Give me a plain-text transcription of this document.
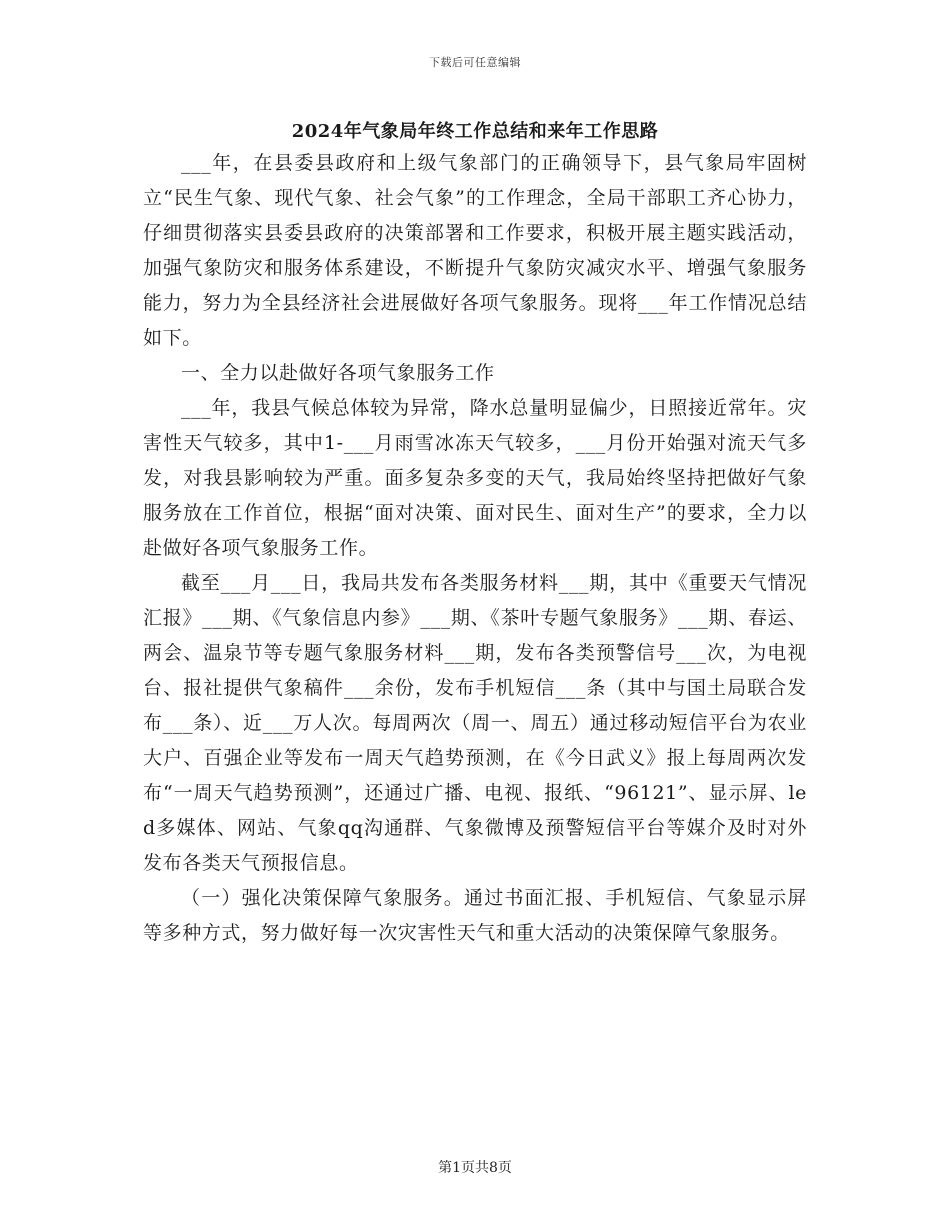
下载后可任意编辑
2024年气象局年终工作总结和来年工作思路

___年，在县委县政府和上级气象部门的正确领导下，县气象局牢固树立“民生气象、现代气象、社会气象”的工作理念，全局干部职工齐心协力，仔细贯彻落实县委县政府的决策部署和工作要求，积极开展主题实践活动，加强气象防灾和服务体系建设，不断提升气象防灾减灾水平、增强气象服务能力，努力为全县经济社会进展做好各项气象服务。现将___年工作情况总结如下。

一、全力以赴做好各项气象服务工作

___年，我县气候总体较为异常，降水总量明显偏少，日照接近常年。灾害性天气较多，其中1-___月雨雪冰冻天气较多，___月份开始强对流天气多发，对我县影响较为严重。面多复杂多变的天气，我局始终坚持把做好气象服务放在工作首位，根据“面对决策、面对民生、面对生产”的要求，全力以赴做好各项气象服务工作。

截至___月___日，我局共发布各类服务材料___期，其中《重要天气情况汇报》___期、《气象信息内参》___期、《茶叶专题气象服务》___期、春运、两会、温泉节等专题气象服务材料___期，发布各类预警信号___次，为电视台、报社提供气象稿件___余份，发布手机短信___条（其中与国土局联合发布___条）、近___万人次。每周两次（周一、周五）通过移动短信平台为农业大户、百强企业等发布一周天气趋势预测，在《今日武义》报上每周两次发布“一周天气趋势预测”，还通过广播、电视、报纸、“96121”、显示屏、led多媒体、网站、气象qq沟通群、气象微博及预警短信平台等媒介及时对外发布各类天气预报信息。

（一）强化决策保障气象服务。通过书面汇报、手机短信、气象显示屏等多种方式，努力做好每一次灾害性天气和重大活动的决策保障气象服务。

第1页共8页
